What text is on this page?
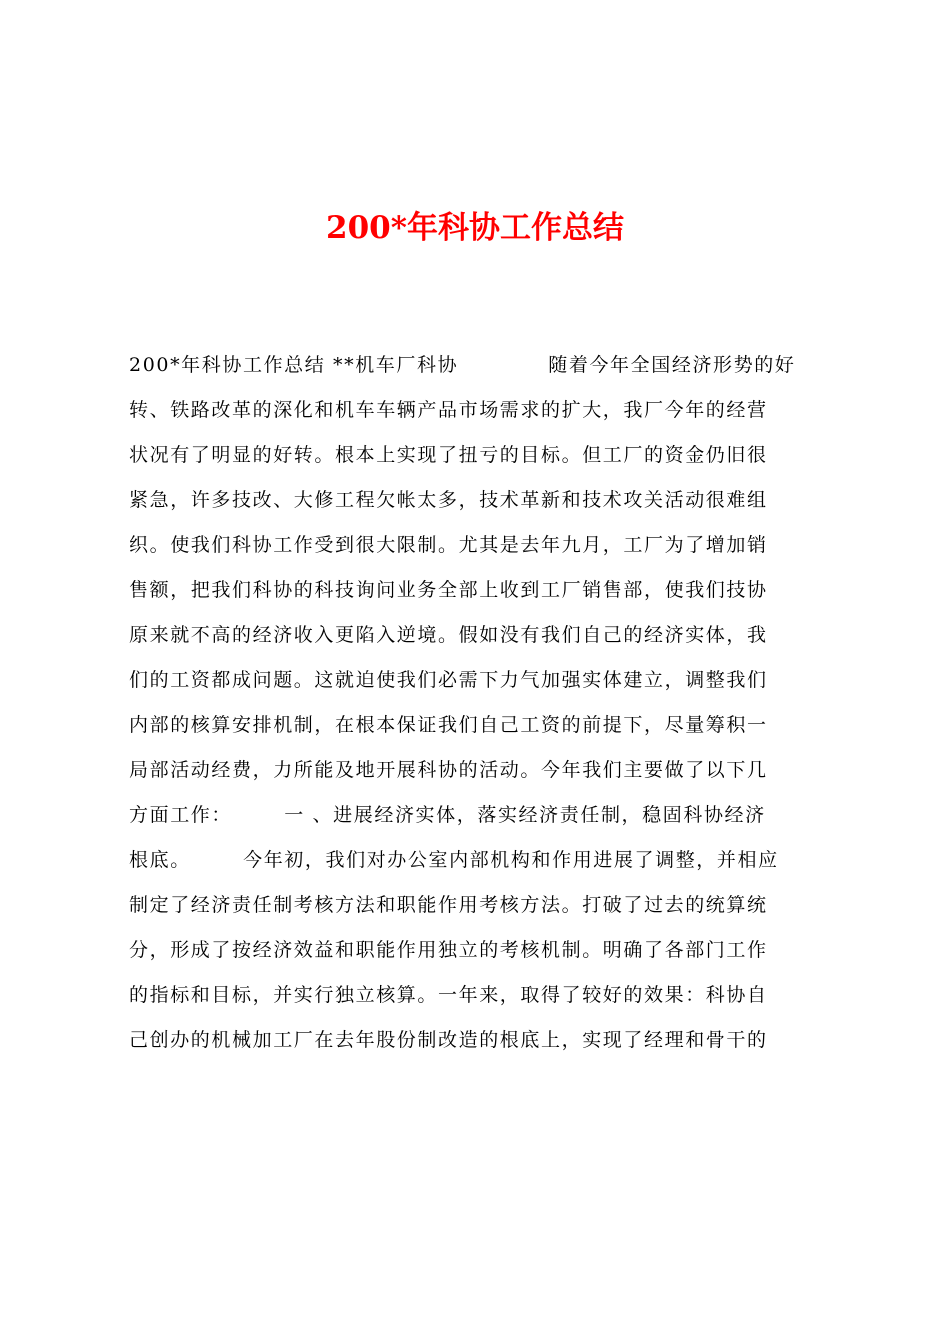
200*年科协工作总结
200*年科协工作总结 **机车厂科协　　　　 随着今年全国经济形势的好
转、铁路改革的深化和机车车辆产品市场需求的扩大，我厂今年的经营
状况有了明显的好转。根本上实现了扭亏的目标。但工厂的资金仍旧很
紧急，许多技改、大修工程欠帐太多，技术革新和技术攻关活动很难组
织。使我们科协工作受到很大限制。尤其是去年九月，工厂为了增加销
售额，把我们科协的科技询问业务全部上收到工厂销售部，使我们技协
原来就不高的经济收入更陷入逆境。假如没有我们自己的经济实体，我
们的工资都成问题。这就迫使我们必需下力气加强实体建立，调整我们
内部的核算安排机制，在根本保证我们自己工资的前提下，尽量筹积一
局部活动经费，力所能及地开展科协的活动。今年我们主要做了以下几
方面工作：　　　一 、进展经济实体，落实经济责任制，稳固科协经济
根底。　　　今年初，我们对办公室内部机构和作用进展了调整，并相应
制定了经济责任制考核方法和职能作用考核方法。打破了过去的统算统
分，形成了按经济效益和职能作用独立的考核机制。明确了各部门工作
的指标和目标，并实行独立核算。一年来，取得了较好的效果：科协自
己创办的机械加工厂在去年股份制改造的根底上，实现了经理和骨干的
